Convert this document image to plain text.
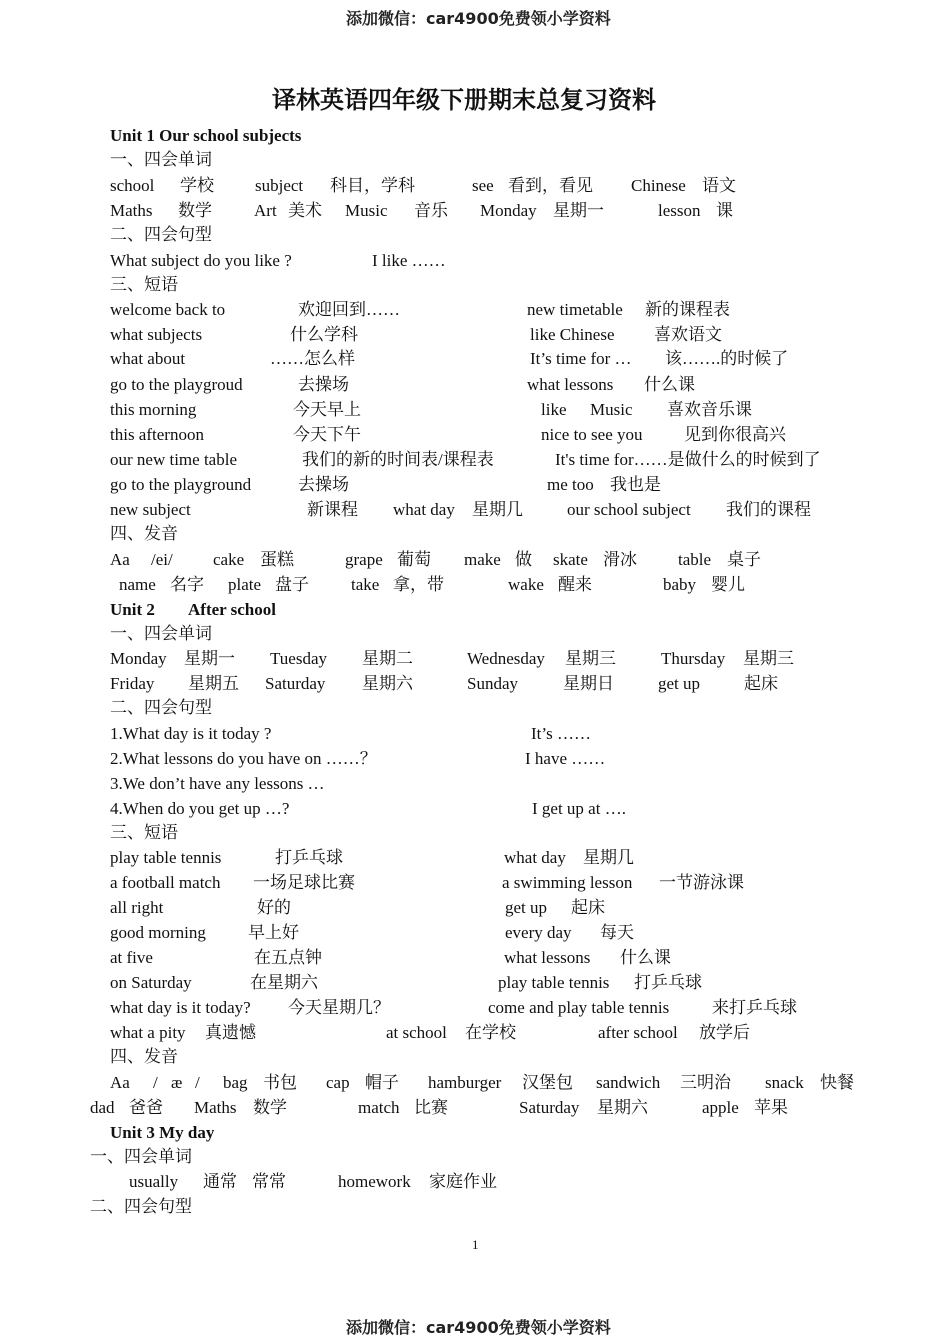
添加微信：car4900免费领小学资料
译林英语四年级下册期末总复习资料
Unit 1 Our school subjects
一、四会单词
school 学校 subject 科目，学科	see 看到，看见 Chinese 语文
Maths 数学 Art 美术 Music 音乐 Monday 星期一	lesson 课
二、四会句型
What subject do you like ?	I like ……
三、短语
welcome back to	欢迎回到……	new timetable 新的课程表
what subjects	什么学科	like Chinese 喜欢语文
what about	……怎么样	It’s time for … 该…….的时候了
go to the playgroud	去操场	what lessons 什么课
this morning	今天早上	like Music 喜欢音乐课
this afternoon	今天下午	nice to see you 见到你很高兴
our new time table	我们的新的时间表/课程表	It's time for……是做什么的时候到了
go to the playground	去操场	me too 我也是
new subject	新课程 what day 星期几	our school subject 我们的课程
四、发音
Aa /ei/ cake 蛋糕	grape 葡萄 make 做 skate 滑冰 table 桌子
name 名字 plate 盘子 take 拿，带	wake 醒来	baby 婴儿
Unit 2 After school
一、四会单词
Monday 星期一 Tuesday 星期二	Wednesday 星期三	Thursday 星期三
Friday 星期五 Saturday 星期六	Sunday	星期日	get up	起床
二、四会句型
1.What day is it today ?	It’s ……
2.What lessons do you have on ……？	I have ……
3.We don’t have any lessons …
4.When do you get up …?	I get up at ….
三、短语
play table tennis	打乒乓球	what day 星期几
a football match 一场足球比赛	a swimming lesson 一节游泳课
all right	好的	get up 起床
good morning 早上好	every day 每天
at five	在五点钟	what lessons 什么课
on Saturday	在星期六	play table tennis 打乒乓球
what day is it today? 今天星期几？	come and play table tennis	来打乒乓球
what a pity 真遗憾	at school 在学校	after school 放学后
四、发音
Aa / æ / bag 书包 cap 帽子 hamburger 汉堡包 sandwich 三明治 snack 快餐
dad 爸爸 Maths 数学	match 比赛	Saturday 星期六	apple 苹果
Unit 3 My day
一、四会单词
usually 通常 常常	homework 家庭作业
二、四会句型
1
添加微信：car4900免费领小学资料
